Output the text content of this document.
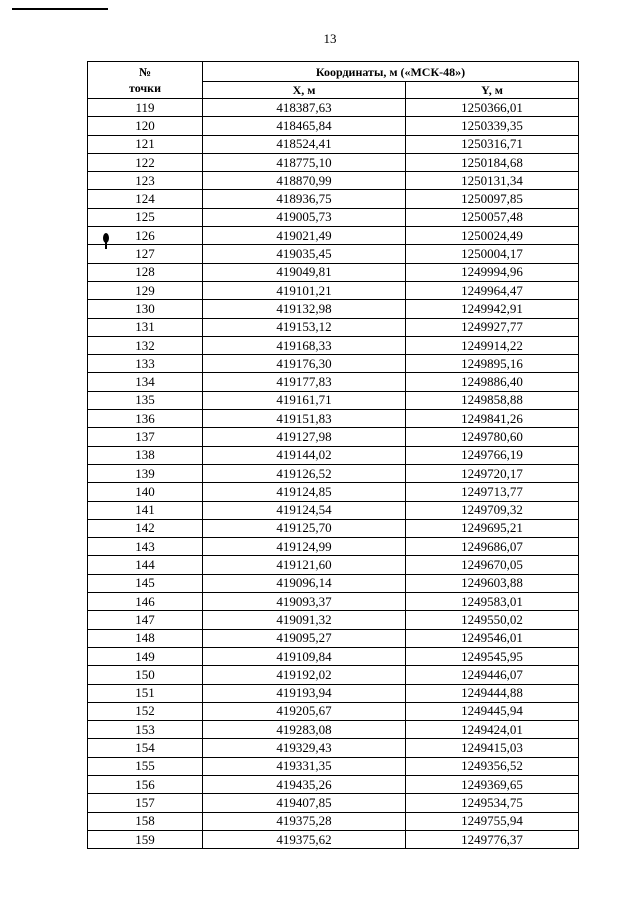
13
№
точки	Координаты, м («МСК-48»)	
	X, м	Y, м
119	418387,63	1250366,01
120	418465,84	1250339,35
121	418524,41	1250316,71
122	418775,10	1250184,68
123	418870,99	1250131,34
124	418936,75	1250097,85
125	419005,73	1250057,48
126	419021,49	1250024,49
127	419035,45	1250004,17
128	419049,81	1249994,96
129	419101,21	1249964,47
130	419132,98	1249942,91
131	419153,12	1249927,77
132	419168,33	1249914,22
133	419176,30	1249895,16
134	419177,83	1249886,40
135	419161,71	1249858,88
136	419151,83	1249841,26
137	419127,98	1249780,60
138	419144,02	1249766,19
139	419126,52	1249720,17
140	419124,85	1249713,77
141	419124,54	1249709,32
142	419125,70	1249695,21
143	419124,99	1249686,07
144	419121,60	1249670,05
145	419096,14	1249603,88
146	419093,37	1249583,01
147	419091,32	1249550,02
148	419095,27	1249546,01
149	419109,84	1249545,95
150	419192,02	1249446,07
151	419193,94	1249444,88
152	419205,67	1249445,94
153	419283,08	1249424,01
154	419329,43	1249415,03
155	419331,35	1249356,52
156	419435,26	1249369,65
157	419407,85	1249534,75
158	419375,28	1249755,94
159	419375,62	1249776,37
